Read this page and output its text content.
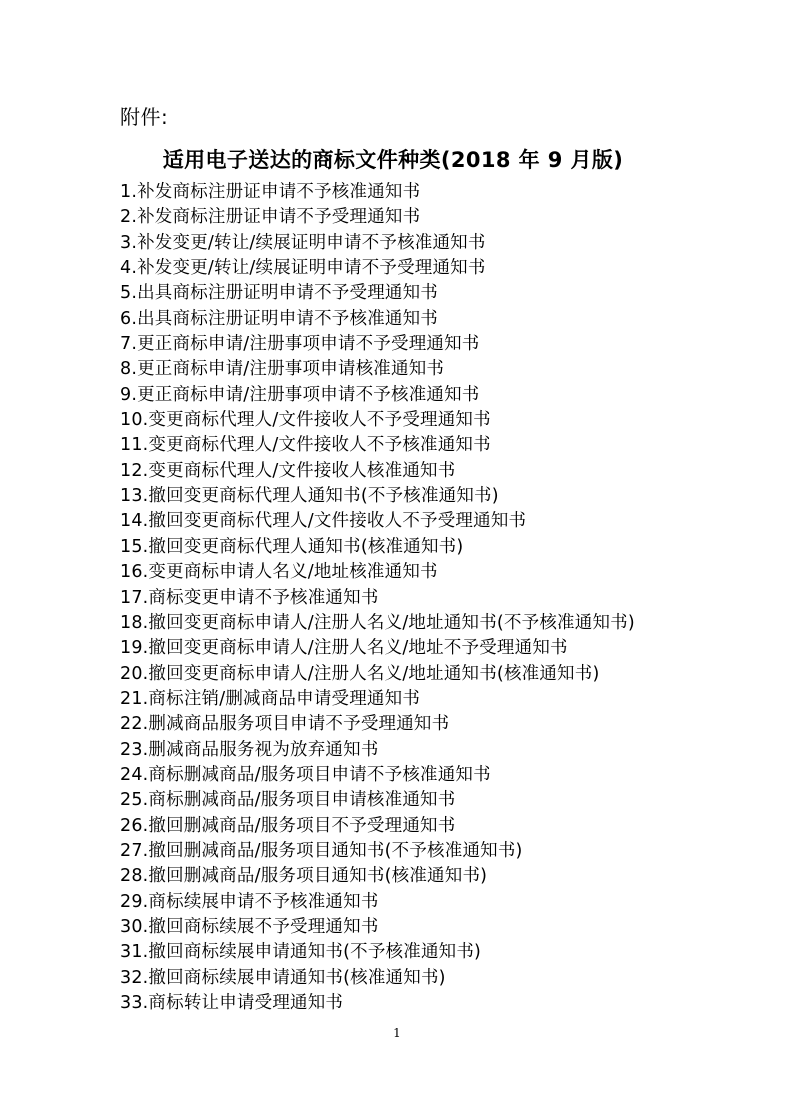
附件:
适用电子送达的商标文件种类(2018 年 9 月版)
1.补发商标注册证申请不予核准通知书
2.补发商标注册证申请不予受理通知书
3.补发变更/转让/续展证明申请不予核准通知书
4.补发变更/转让/续展证明申请不予受理通知书
5.出具商标注册证明申请不予受理通知书
6.出具商标注册证明申请不予核准通知书
7.更正商标申请/注册事项申请不予受理通知书
8.更正商标申请/注册事项申请核准通知书
9.更正商标申请/注册事项申请不予核准通知书
10.变更商标代理人/文件接收人不予受理通知书
11.变更商标代理人/文件接收人不予核准通知书
12.变更商标代理人/文件接收人核准通知书
13.撤回变更商标代理人通知书(不予核准通知书)
14.撤回变更商标代理人/文件接收人不予受理通知书
15.撤回变更商标代理人通知书(核准通知书)
16.变更商标申请人名义/地址核准通知书
17.商标变更申请不予核准通知书
18.撤回变更商标申请人/注册人名义/地址通知书(不予核准通知书)
19.撤回变更商标申请人/注册人名义/地址不予受理通知书
20.撤回变更商标申请人/注册人名义/地址通知书(核准通知书)
21.商标注销/删减商品申请受理通知书
22.删减商品服务项目申请不予受理通知书
23.删减商品服务视为放弃通知书
24.商标删减商品/服务项目申请不予核准通知书
25.商标删减商品/服务项目申请核准通知书
26.撤回删减商品/服务项目不予受理通知书
27.撤回删减商品/服务项目通知书(不予核准通知书)
28.撤回删减商品/服务项目通知书(核准通知书)
29.商标续展申请不予核准通知书
30.撤回商标续展不予受理通知书
31.撤回商标续展申请通知书(不予核准通知书)
32.撤回商标续展申请通知书(核准通知书)
33.商标转让申请受理通知书
1
